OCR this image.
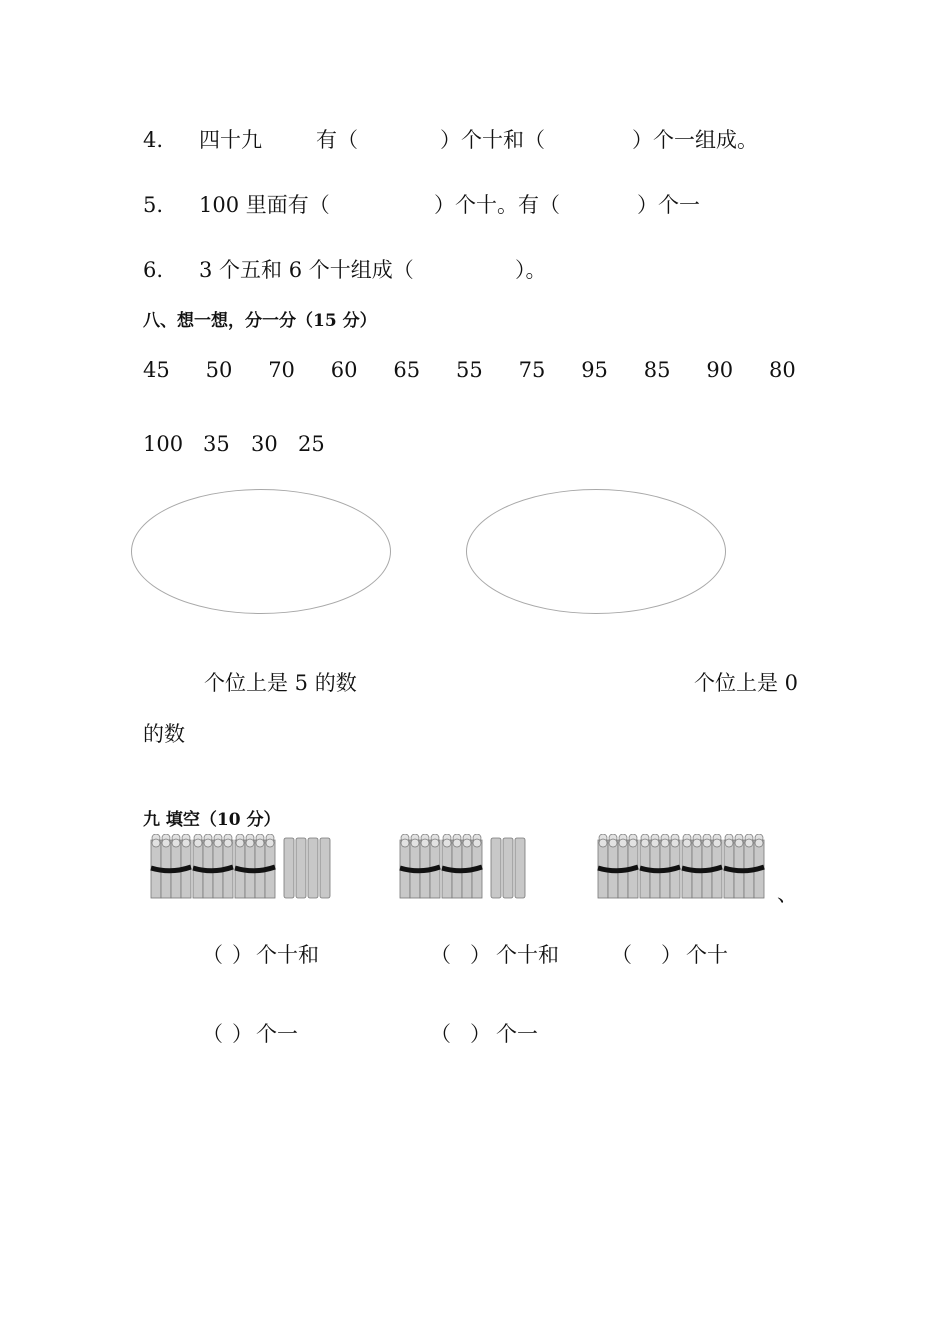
4. 四十九	有（	）个十和（	）个一组成。
5. 100 里面有（	）个十。有（	）个一
6. 3 个五和 6 个十组成（	）。
八、想一想，分一分（15 分）
45 50 70 60 65 55 75 95 85 90 80
100 35 30 25
个位上是 5 的数	个位上是 0
的数
九 填空（10 分）
、
（ ） 个十和	（ ） 个十和 （ ） 个十
（ ） 个一	（ ） 个一
